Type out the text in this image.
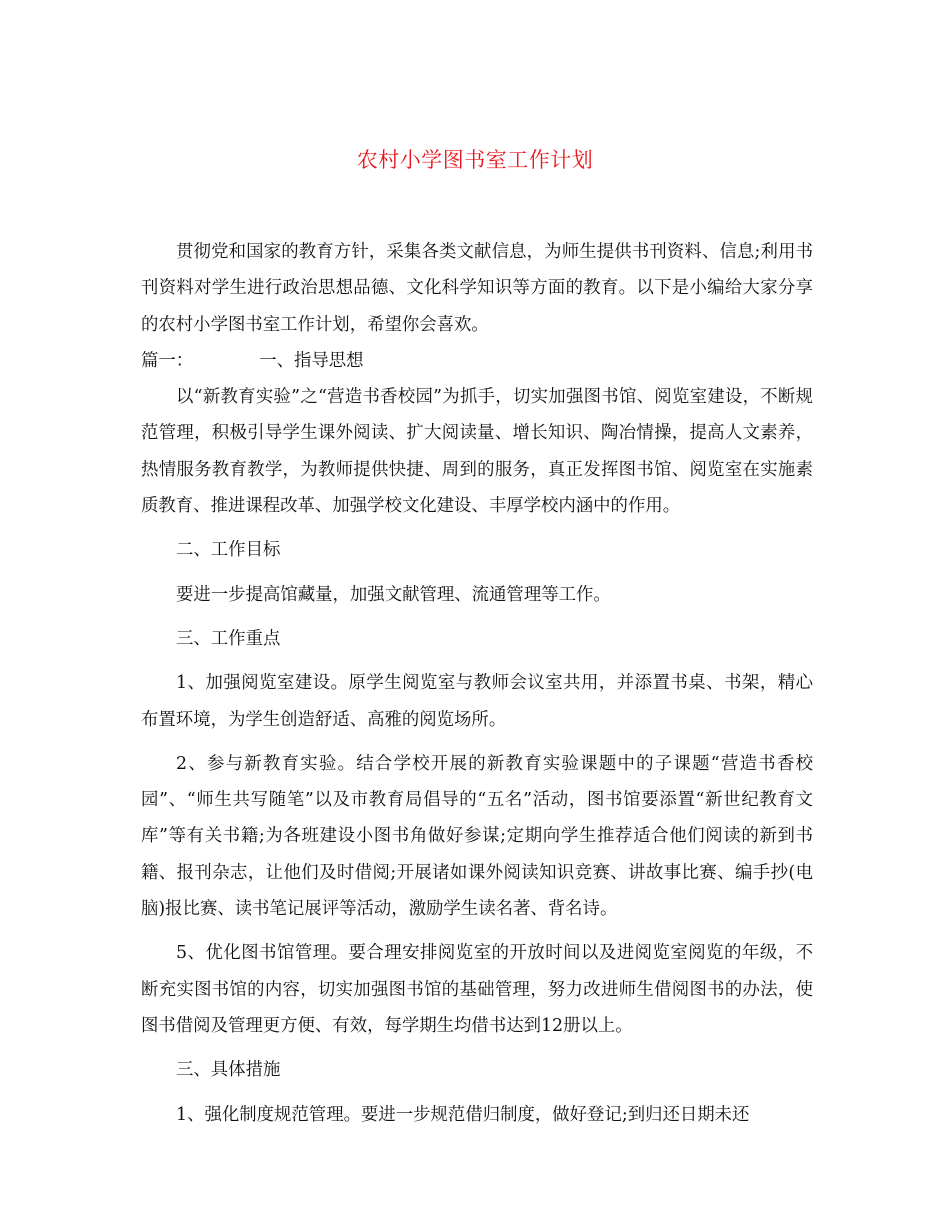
农村小学图书室工作计划

贯彻党和国家的教育方针，采集各类文献信息，为师生提供书刊资料、信息;利用书刊资料对学生进行政治思想品德、文化科学知识等方面的教育。以下是小编给大家分享的农村小学图书室工作计划，希望你会喜欢。

篇一：	一、指导思想

以“新教育实验”之“营造书香校园”为抓手，切实加强图书馆、阅览室建设，不断规范管理，积极引导学生课外阅读、扩大阅读量、增长知识、陶冶情操，提高人文素养，热情服务教育教学，为教师提供快捷、周到的服务，真正发挥图书馆、阅览室在实施素质教育、推进课程改革、加强学校文化建设、丰厚学校内涵中的作用。

二、工作目标

要进一步提高馆藏量，加强文献管理、流通管理等工作。

三、工作重点

1、加强阅览室建设。原学生阅览室与教师会议室共用，并添置书桌、书架，精心布置环境，为学生创造舒适、高雅的阅览场所。

2、参与新教育实验。结合学校开展的新教育实验课题中的子课题“营造书香校园”、“师生共写随笔”以及市教育局倡导的“五名”活动，图书馆要添置“新世纪教育文库”等有关书籍;为各班建设小图书角做好参谋;定期向学生推荐适合他们阅读的新到书籍、报刊杂志，让他们及时借阅;开展诸如课外阅读知识竞赛、讲故事比赛、编手抄(电脑)报比赛、读书笔记展评等活动，激励学生读名著、背名诗。

5、优化图书馆管理。要合理安排阅览室的开放时间以及进阅览室阅览的年级，不断充实图书馆的内容，切实加强图书馆的基础管理，努力改进师生借阅图书的办法，使图书借阅及管理更方便、有效，每学期生均借书达到12册以上。

三、具体措施

1、强化制度规范管理。要进一步规范借归制度，做好登记;到归还日期未还
